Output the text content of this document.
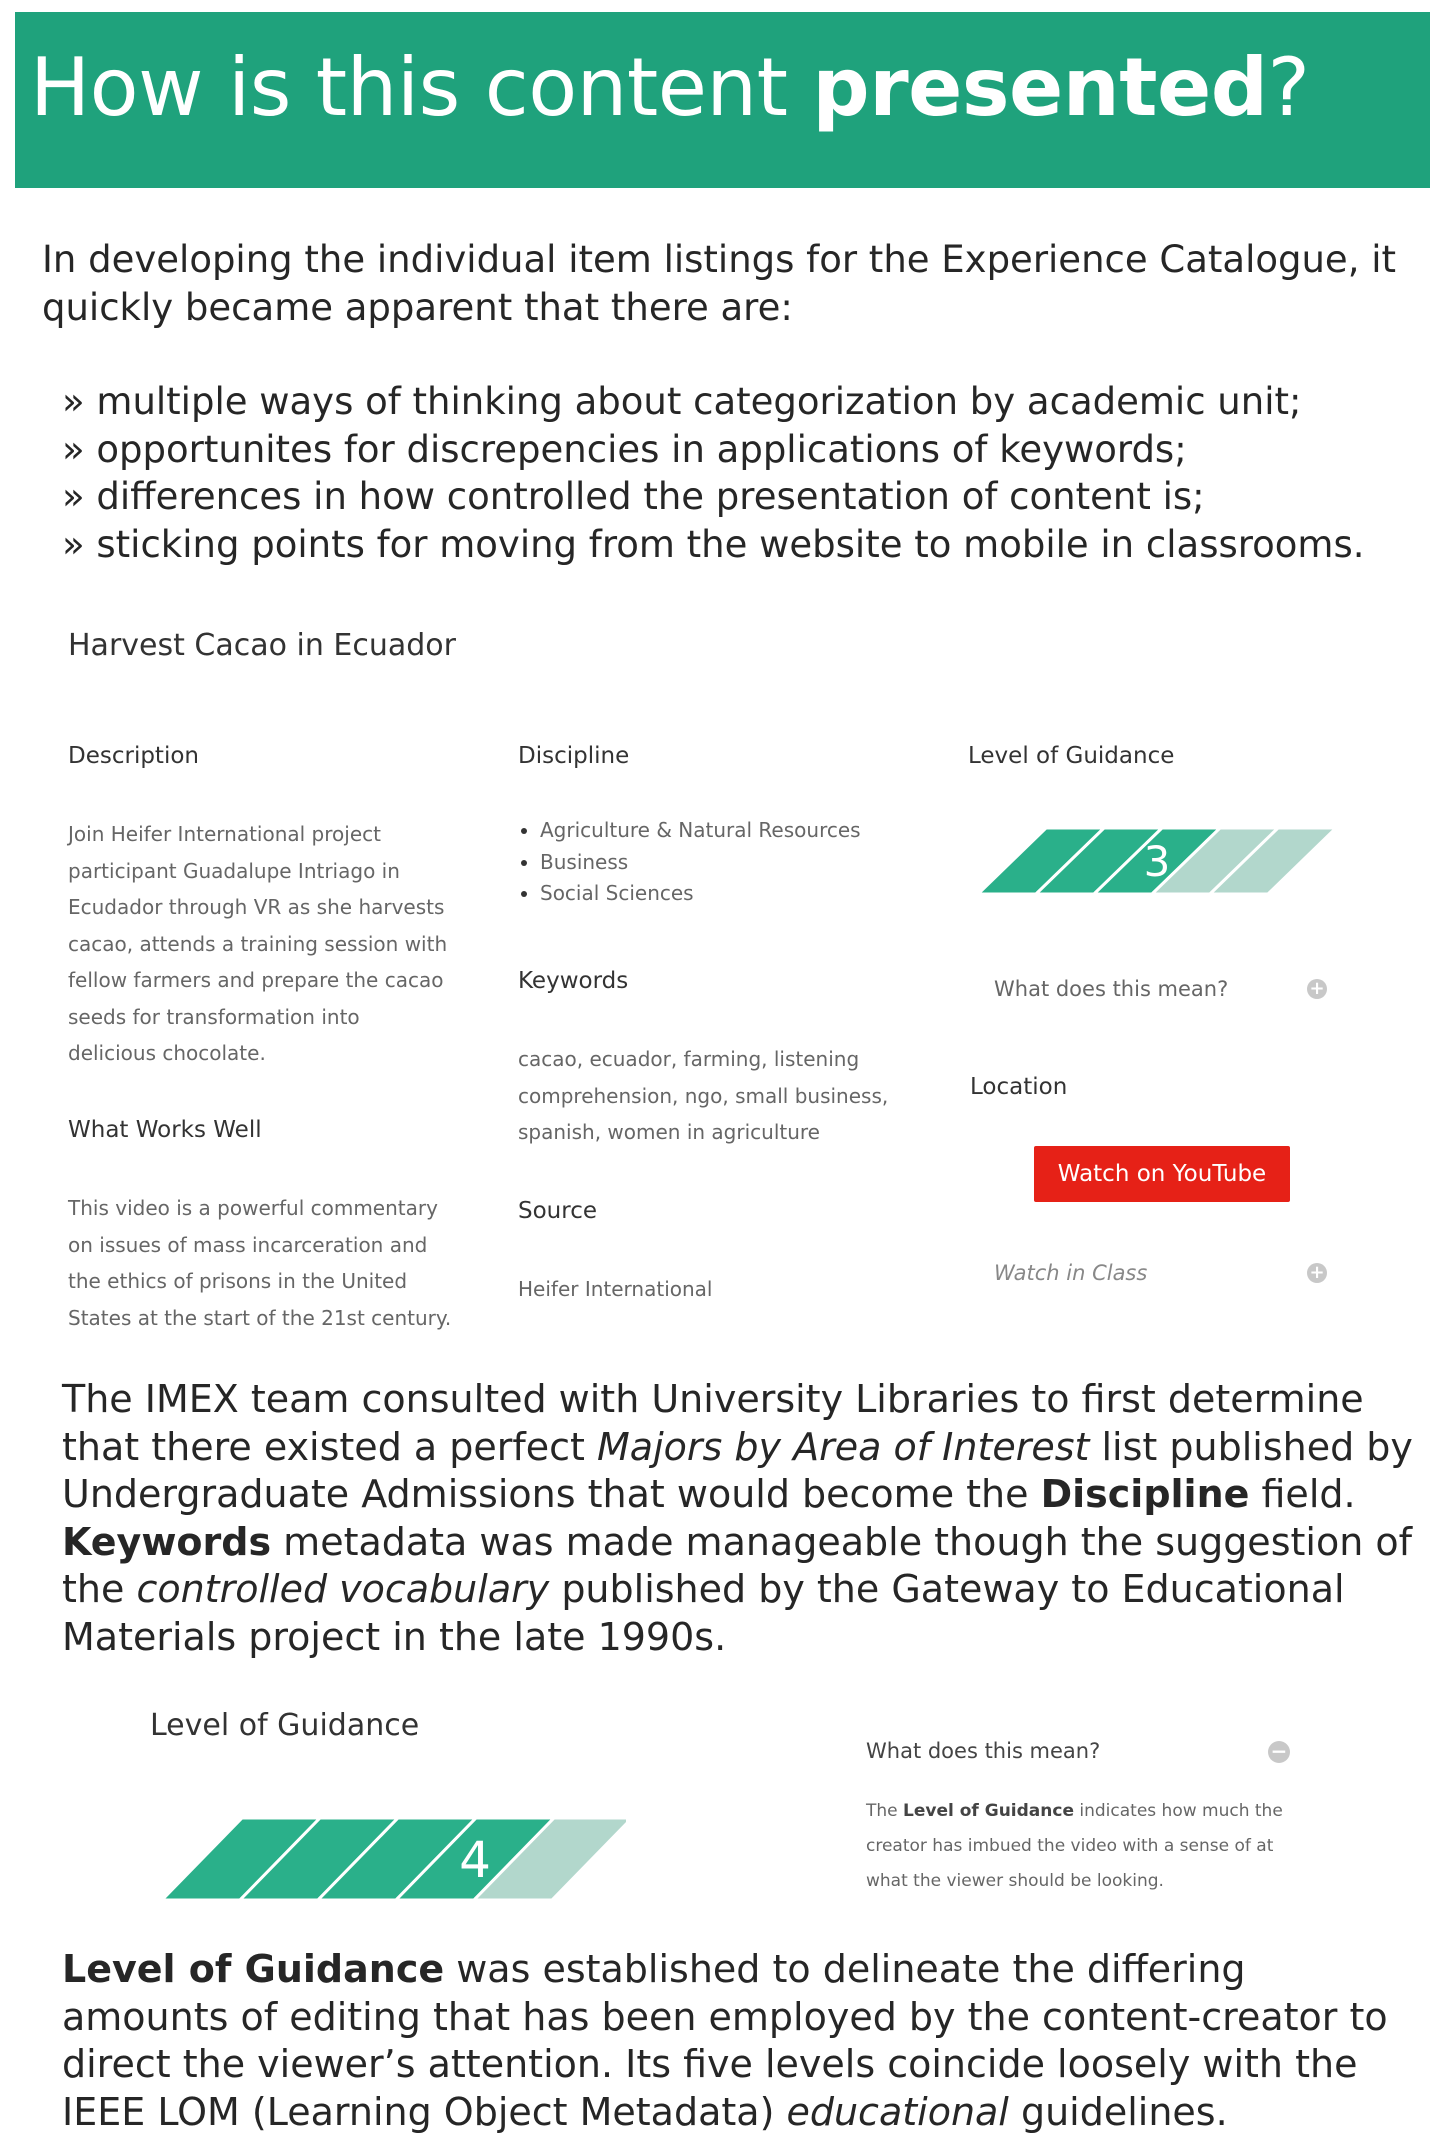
How is this content presented?
In developing the individual item listings for the Experience Catalogue, it quickly became apparent that there are:
» multiple ways of thinking about categorization by academic unit;
» opportunites for discrepencies in applications of keywords;
» differences in how controlled the presentation of content is;
» sticking points for moving from the website to mobile in classrooms.
Harvest Cacao in Ecuador
Description
Join Heifer International project
participant Guadalupe Intriago in
Ecudador through VR as she harvests
cacao, attends a training session with
fellow farmers and prepare the cacao
seeds for transformation into
delicious chocolate.
What Works Well
This video is a powerful commentary
on issues of mass incarceration and
the ethics of prisons in the United
States at the start of the 21st century.
Discipline
• Agriculture & Natural Resources
• Business
• Social Sciences
Keywords
cacao, ecuador, farming, listening
comprehension, ngo, small business,
spanish, women in agriculture
Source
Heifer International
Level of Guidance
3
What does this mean?	+
Location
Watch on YouTube
Watch in Class	+
The IMEX team consulted with University Libraries to first determine that there existed a perfect Majors by Area of Interest list published by Undergraduate Admissions that would become the Discipline field. Keywords metadata was made manageable though the suggestion of the controlled vocabulary published by the Gateway to Educational Materials project in the late 1990s.
Level of Guidance
4
What does this mean?	−
The Level of Guidance indicates how much the creator has imbued the video with a sense of at what the viewer should be looking.
Level of Guidance was established to delineate the differing amounts of editing that has been employed by the content-creator to direct the viewer’s attention. Its five levels coincide loosely with the IEEE LOM (Learning Object Metadata) educational guidelines.
